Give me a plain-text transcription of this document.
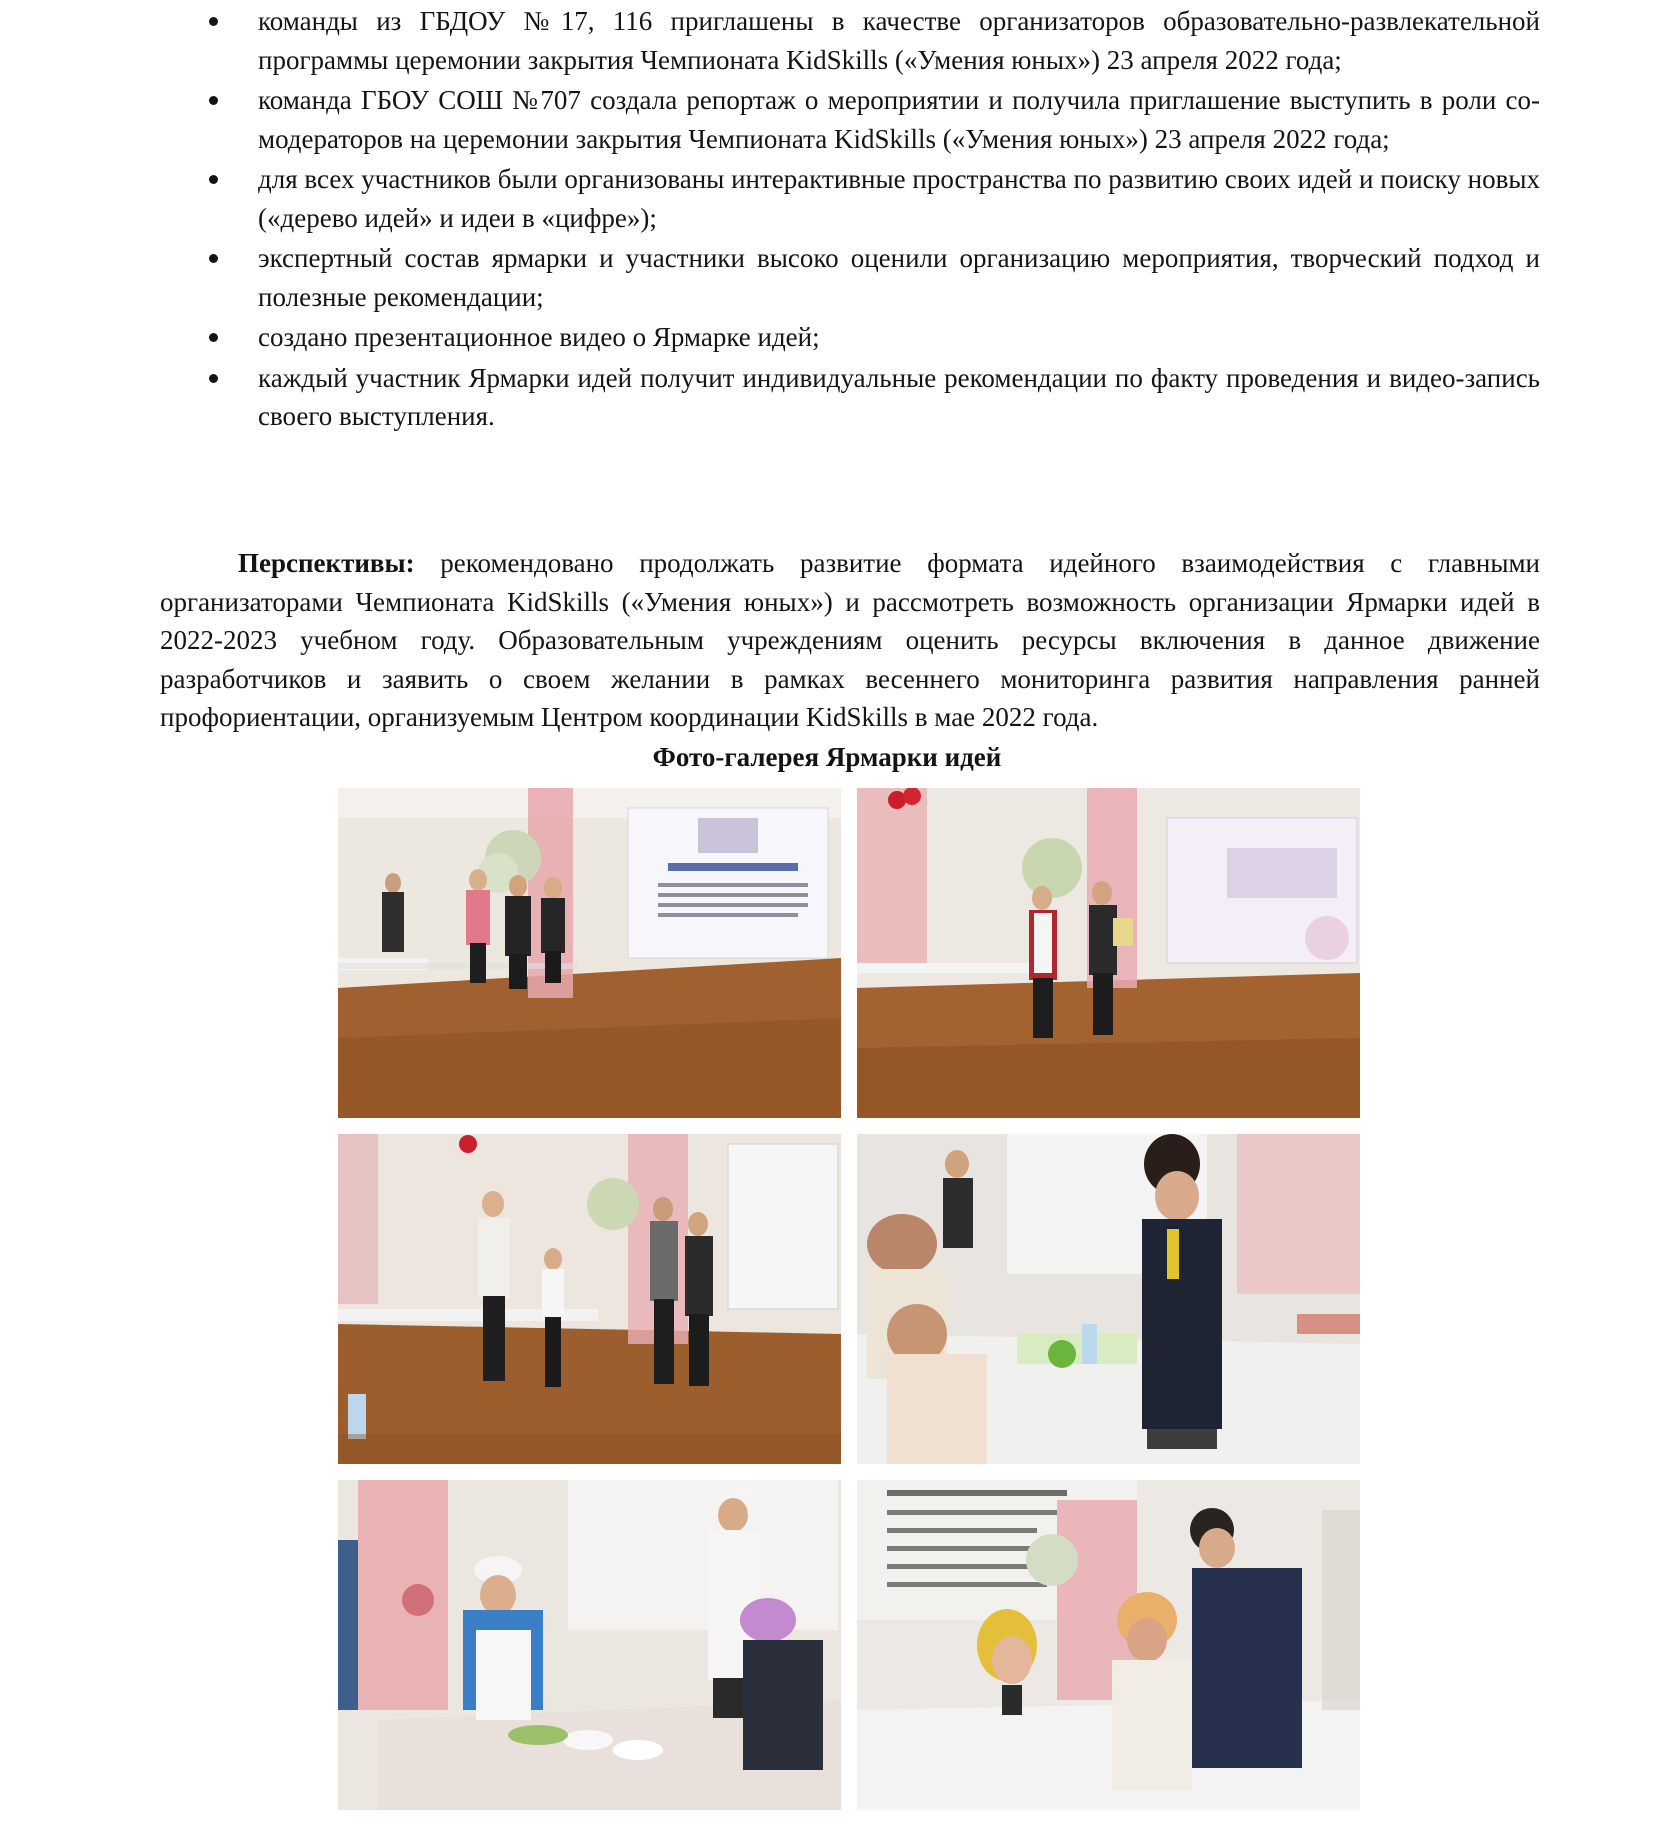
команды из ГБДОУ №17, 116 приглашены в качестве организаторов образовательно-развлекательной программы церемонии закрытия Чемпионата KidSkills («Умения юных») 23 апреля 2022 года;
команда ГБОУ СОШ №707 создала репортаж о мероприятии и получила приглашение выступить в роли со-модераторов на церемонии закрытия Чемпионата KidSkills («Умения юных») 23 апреля 2022 года;
для всех участников были организованы интерактивные пространства по развитию своих идей и поиску новых («дерево идей» и идеи в «цифре»);
экспертный состав ярмарки и участники высоко оценили организацию мероприятия, творческий подход и полезные рекомендации;
создано презентационное видео о Ярмарке идей;
каждый участник Ярмарки идей получит индивидуальные рекомендации по факту проведения и видео-запись своего выступления.

Перспективы: рекомендовано продолжать развитие формата идейного взаимодействия с главными организаторами Чемпионата KidSkills («Умения юных») и рассмотреть возможность организации Ярмарки идей в 2022-2023 учебном году. Образовательным учреждениям оценить ресурсы включения в данное движение разработчиков и заявить о своем желании в рамках весеннего мониторинга развития направления ранней профориентации, организуемым Центром координации KidSkills в мае 2022 года.

Фото-галерея Ярмарки идей
